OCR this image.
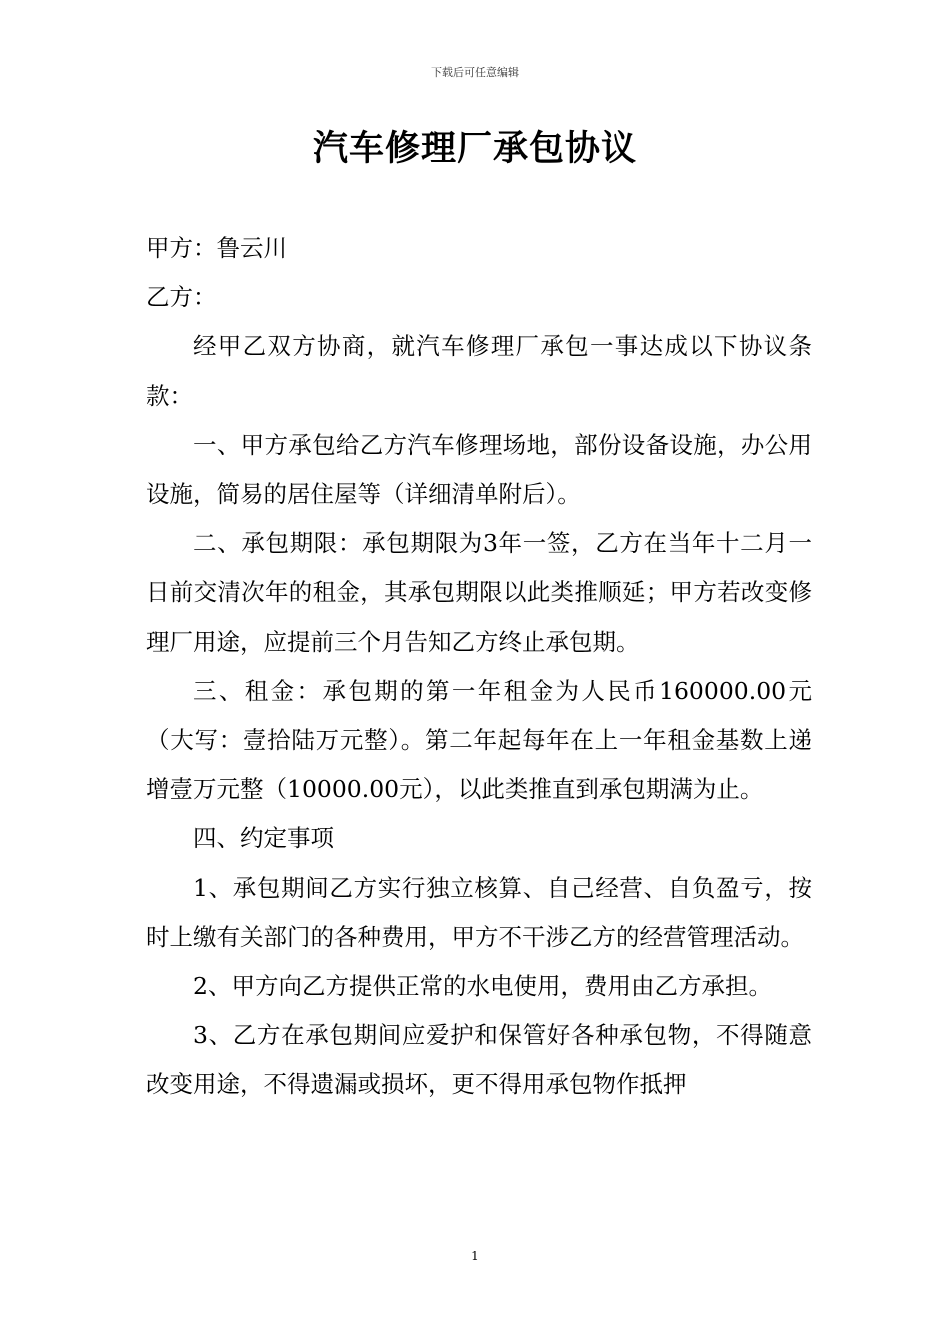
下载后可任意编辑
汽车修理厂承包协议

甲方：鲁云川

乙方：

经甲乙双方协商，就汽车修理厂承包一事达成以下协议条款：

一、甲方承包给乙方汽车修理场地，部份设备设施，办公用设施，简易的居住屋等（详细清单附后）。

二、承包期限：承包期限为3年一签，乙方在当年十二月一日前交清次年的租金，其承包期限以此类推顺延；甲方若改变修理厂用途，应提前三个月告知乙方终止承包期。

三、租金：承包期的第一年租金为人民币160000.00元（大写：壹拾陆万元整）。第二年起每年在上一年租金基数上递增壹万元整（10000.00元），以此类推直到承包期满为止。

四、约定事项

1、承包期间乙方实行独立核算、自己经营、自负盈亏，按时上缴有关部门的各种费用，甲方不干涉乙方的经营管理活动。

2、甲方向乙方提供正常的水电使用，费用由乙方承担。

3、乙方在承包期间应爱护和保管好各种承包物，不得随意改变用途，不得遗漏或损坏，更不得用承包物作抵押

1
